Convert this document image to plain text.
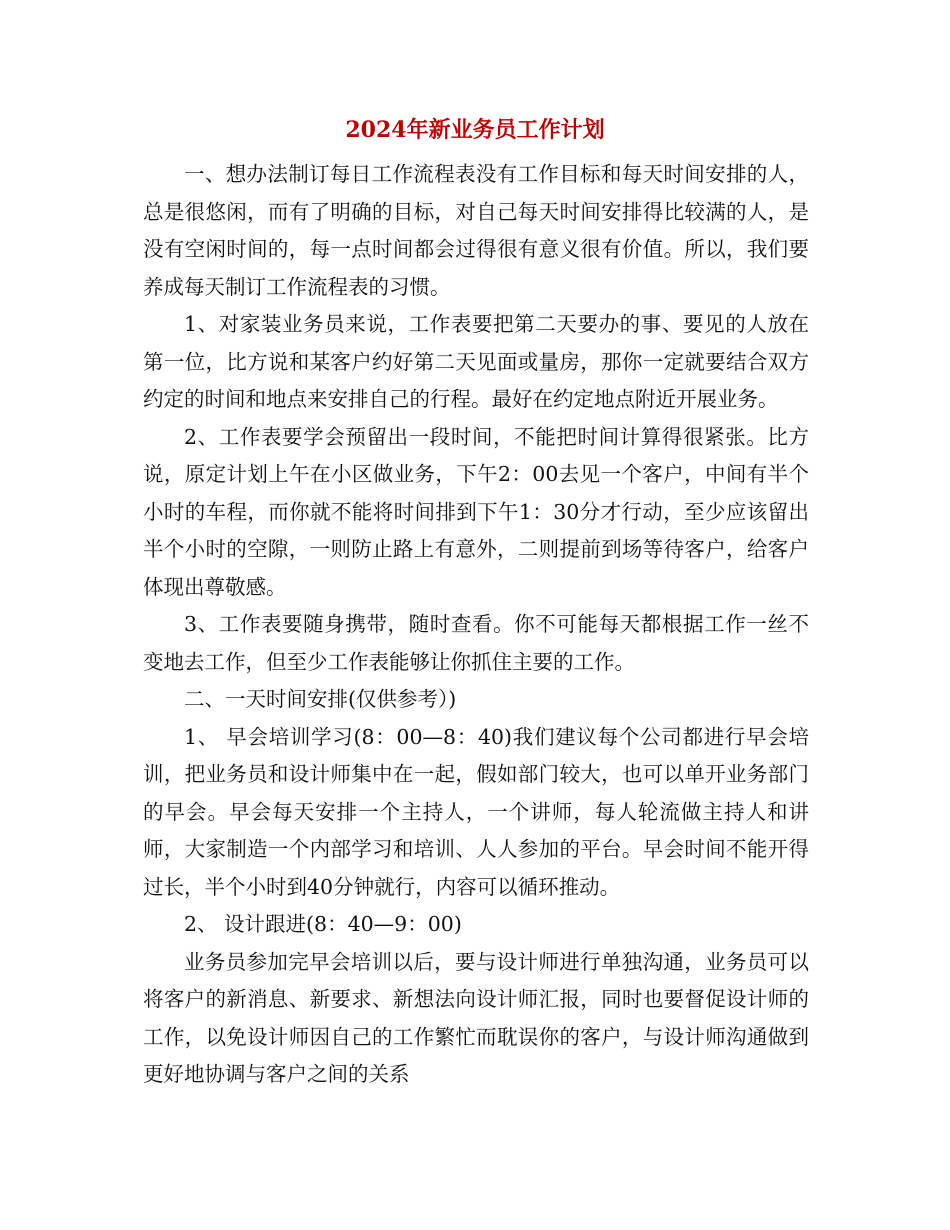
2024年新业务员工作计划

一、想办法制订每日工作流程表没有工作目标和每天时间安排的人，总是很悠闲，而有了明确的目标，对自己每天时间安排得比较满的人，是没有空闲时间的，每一点时间都会过得很有意义很有价值。所以，我们要养成每天制订工作流程表的习惯。

1、对家装业务员来说，工作表要把第二天要办的事、要见的人放在第一位，比方说和某客户约好第二天见面或量房，那你一定就要结合双方约定的时间和地点来安排自己的行程。最好在约定地点附近开展业务。

2、工作表要学会预留出一段时间，不能把时间计算得很紧张。比方说，原定计划上午在小区做业务，下午2：00去见一个客户，中间有半个小时的车程，而你就不能将时间排到下午1：30分才行动，至少应该留出半个小时的空隙，一则防止路上有意外，二则提前到场等待客户，给客户体现出尊敬感。

3、工作表要随身携带，随时查看。你不可能每天都根据工作一丝不变地去工作，但至少工作表能够让你抓住主要的工作。

二、一天时间安排(仅供参考）)

1、 早会培训学习(8：00—8：40)我们建议每个公司都进行早会培训，把业务员和设计师集中在一起，假如部门较大，也可以单开业务部门的早会。早会每天安排一个主持人，一个讲师，每人轮流做主持人和讲师，大家制造一个内部学习和培训、人人参加的平台。早会时间不能开得过长，半个小时到40分钟就行，内容可以循环推动。

2、 设计跟进(8：40—9：00)

业务员参加完早会培训以后，要与设计师进行单独沟通，业务员可以将客户的新消息、新要求、新想法向设计师汇报，同时也要督促设计师的工作，以免设计师因自己的工作繁忙而耽误你的客户，与设计师沟通做到更好地协调与客户之间的关系
